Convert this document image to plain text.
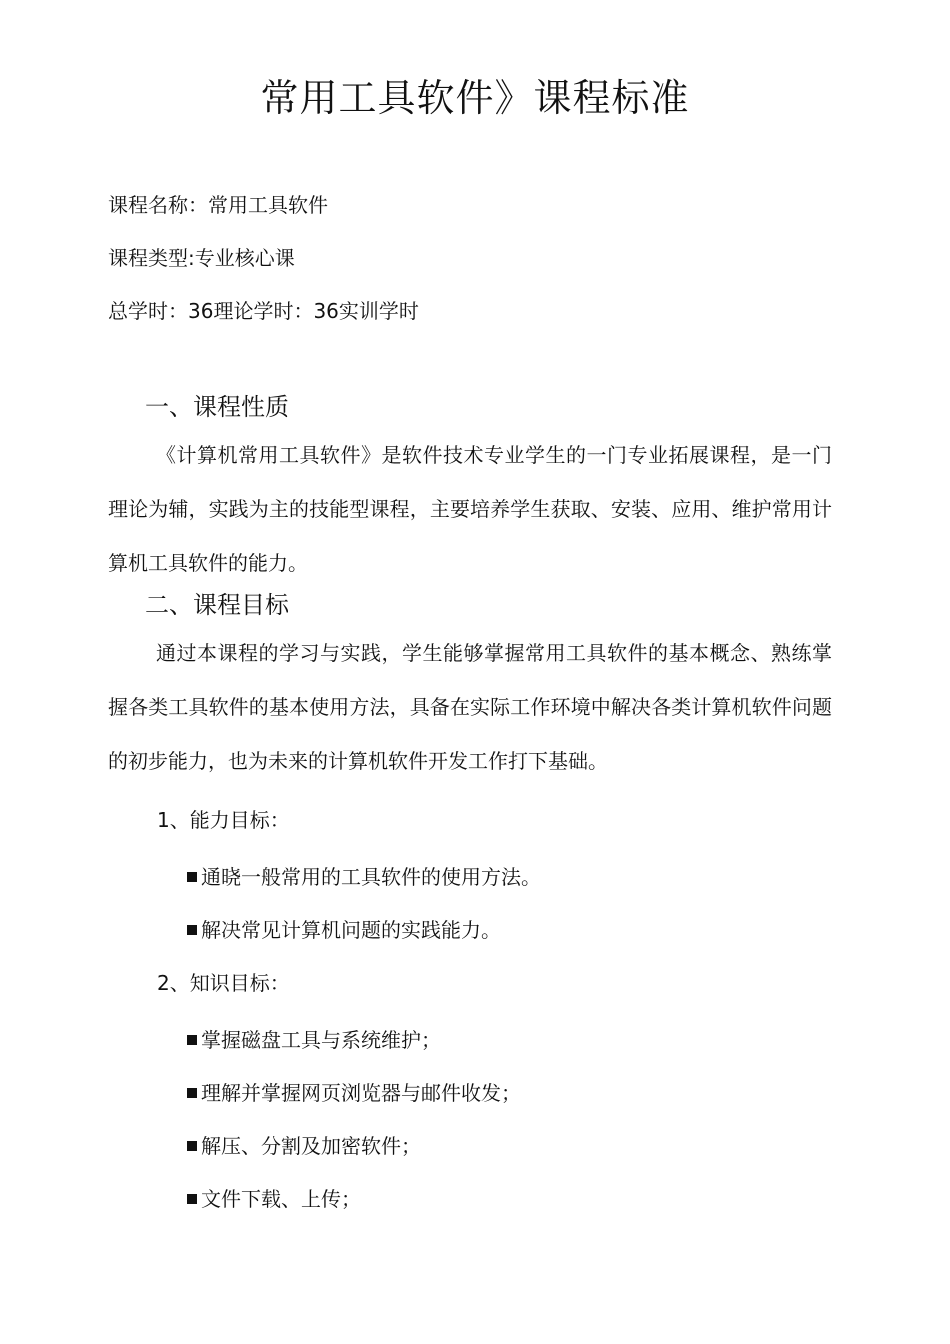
常用工具软件》课程标准

课程名称：常用工具软件

课程类型:专业核心课

总学时：36理论学时：36实训学时

一、课程性质

《计算机常用工具软件》是软件技术专业学生的一门专业拓展课程，是一门理论为辅，实践为主的技能型课程，主要培养学生获取、安装、应用、维护常用计算机工具软件的能力。

二、课程目标

通过本课程的学习与实践，学生能够掌握常用工具软件的基本概念、熟练掌握各类工具软件的基本使用方法，具备在实际工作环境中解决各类计算机软件问题的初步能力，也为未来的计算机软件开发工作打下基础。

1、能力目标：

通晓一般常用的工具软件的使用方法。

解决常见计算机问题的实践能力。

2、知识目标：

掌握磁盘工具与系统维护；

理解并掌握网页浏览器与邮件收发；

解压、分割及加密软件；

文件下载、上传；
